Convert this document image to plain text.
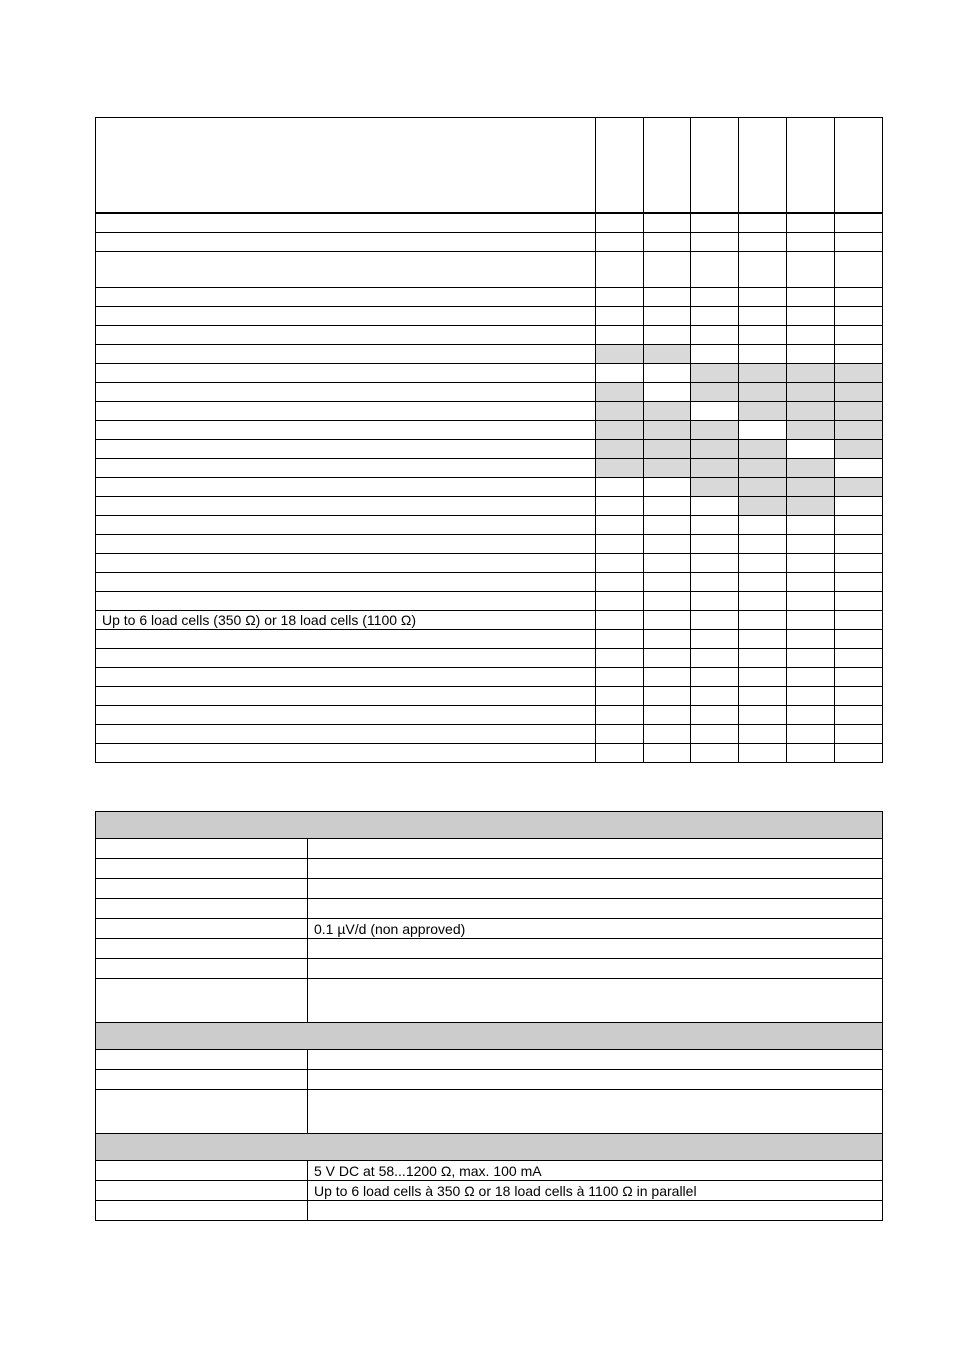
Up to 6 load cells (350 Ω) or 18 load cells (1100 Ω)						

	0.1 µV/d (non approved)

	5 V DC at 58...1200 Ω, max. 100 mA
	Up to 6 load cells à 350 Ω or 18 load cells à 1100 Ω in parallel
